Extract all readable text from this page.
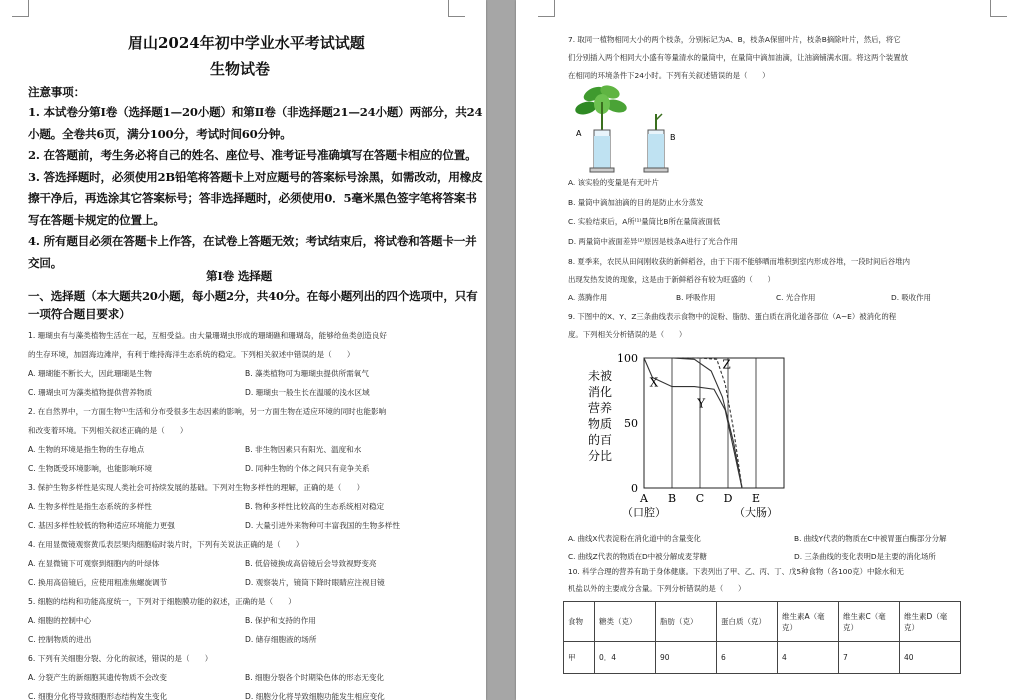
眉山2024年初中学业水平考试试题
生物试卷
注意事项：
1. 本试卷分第Ⅰ卷（选择题1—20小题）和第Ⅱ卷（非选择题21—24小题）两部分，共24
小题。全卷共6页，满分100分，考试时间60分钟。
2. 在答题前，考生务必将自己的姓名、座位号、准考证号准确填写在答题卡相应的位置。
3. 答选择题时，必须使用2B铅笔将答题卡上对应题号的答案标号涂黑，如需改动，用橡皮
擦干净后，再选涂其它答案标号；答非选择题时，必须使用0．5毫米黑色签字笔将答案书
写在答题卡规定的位置上。
4. 所有题目必须在答题卡上作答，在试卷上答题无效；考试结束后，将试卷和答题卡一并
交回。
第Ⅰ卷 选择题
一、选择题（本大题共20小题，每小题2分，共40分。在每小题列出的四个选项中，只有
一项符合题目要求）
1. 珊瑚虫有与藻类植物生活在一起，互相受益。由大量珊瑚虫形成的珊瑚礁和珊瑚岛，能够给鱼类创造良好
的生存环境，加固海边滩岸，有利于维持海洋生态系统的稳定。下列相关叙述中错误的是（　　）
A. 珊瑚能不断长大，因此珊瑚是生物	B. 藻类植物可为珊瑚虫提供所需氧气
C. 珊瑚虫可为藻类植物提供营养物质	D. 珊瑚虫一般生长在温暖的浅水区域
2. 在自然界中，一方面生物⁽¹⁾生活和分布受很多生态因素的影响，另一方面生物在适应环境的同时也能影响
和改变着环境。下列相关叙述正确的是（　　）
A. 生物的环境是指生物的生存地点	B. 非生物因素只有阳光、温度和水
C. 生物既受环境影响，也能影响环境	D. 同种生物的个体之间只有竞争关系
3. 保护生物多样性是实现人类社会可持续发展的基础。下列对生物多样性的理解，正确的是（　　）
A. 生物多样性是指生态系统的多样性	B. 物种多样性比较高的生态系统相对稳定
C. 基因多样性较低的物种适应环境能力更强	D. 大量引进外来物种可丰富我国的生物多样性
4. 在用显微镜观察黄瓜表层果肉细胞临时装片时，下列有关说法正确的是（　　）
A. 在显微镜下可观察到细胞内的叶绿体	B. 低倍镜换成高倍镜后会导致视野变亮
C. 换用高倍镜后，应使用粗准焦螺旋调节	D. 观察装片，镜筒下降时眼睛应注视目镜
5. 细胞的结构和功能高度统一，下列对于细胞膜功能的叙述，正确的是（　　）
A. 细胞的控制中心	B. 保护和支持的作用
C. 控制物质的进出	D. 储存细胞液的场所
6. 下列有关细胞分裂、分化的叙述，错误的是（　　）
A. 分裂产生的新细胞其遗传物质不会改变	B. 细胞分裂各个时期染色体的形态无变化
C. 细胞分化将导致细胞形态结构发生变化	D. 细胞分化将导致细胞功能发生相应变化
7. 取同一植物相同大小的两个枝条，分别标记为A、B，枝条A保留叶片，枝条B摘除叶片，然后，将它
们分别插入两个相同大小盛有等量清水的量筒中，在量筒中滴加油滴，让油滴铺满水面。将这两个装置放
在相同的环境条件下24小时。下列有关叙述错误的是（　　）
A	B
A. 该实验的变量是有无叶片
B. 量筒中滴加油滴的目的是防止水分蒸发
C. 实验结束后，A所⁽¹⁾量筒比B所在量筒液面低
D. 两量筒中液面差异⁽²⁾原因是枝条A进行了光合作用
8. 夏季来，农民从田间刚收获的新鲜稻谷，由于下雨不能够晒而堆积到室内形成谷堆，一段时间后谷堆内
出现发热发烫的现象，这是由于新鲜稻谷有较为旺盛的（　　）
A. 蒸腾作用	B. 呼吸作用	C. 光合作用	D. 吸收作用
9. 下图中的X、Y、Z三条曲线表示食物中的淀粉、脂肪、蛋白质在消化道各部位（A~E）被消化的程
度。下列相关分析错误的是（　　）
100
50
0
A B C D E
（口腔）	（大肠）
未被
消化
营养
物质
的百
分比
X
Y
Z
A. 曲线X代表淀粉在消化道中的含量变化	B. 曲线Y代表的物质在C中被胃蛋白酶部分分解
C. 曲线Z代表的物质在D中被分解成麦芽糖	D. 三条曲线的变化表明D是主要的消化场所
10. 科学合理的营养有助于身体健康。下表列出了甲、乙、丙、丁、戊5种食物（各100克）中除水和无
机盐以外的主要成分含量。下列分析错误的是（　　）
食物	糖类（克）	脂肪（克）	蛋白质（克）	维生素A（毫克）	维生素C（毫克）	维生素D（毫克）
甲	0．4	90	6	4	7	40
